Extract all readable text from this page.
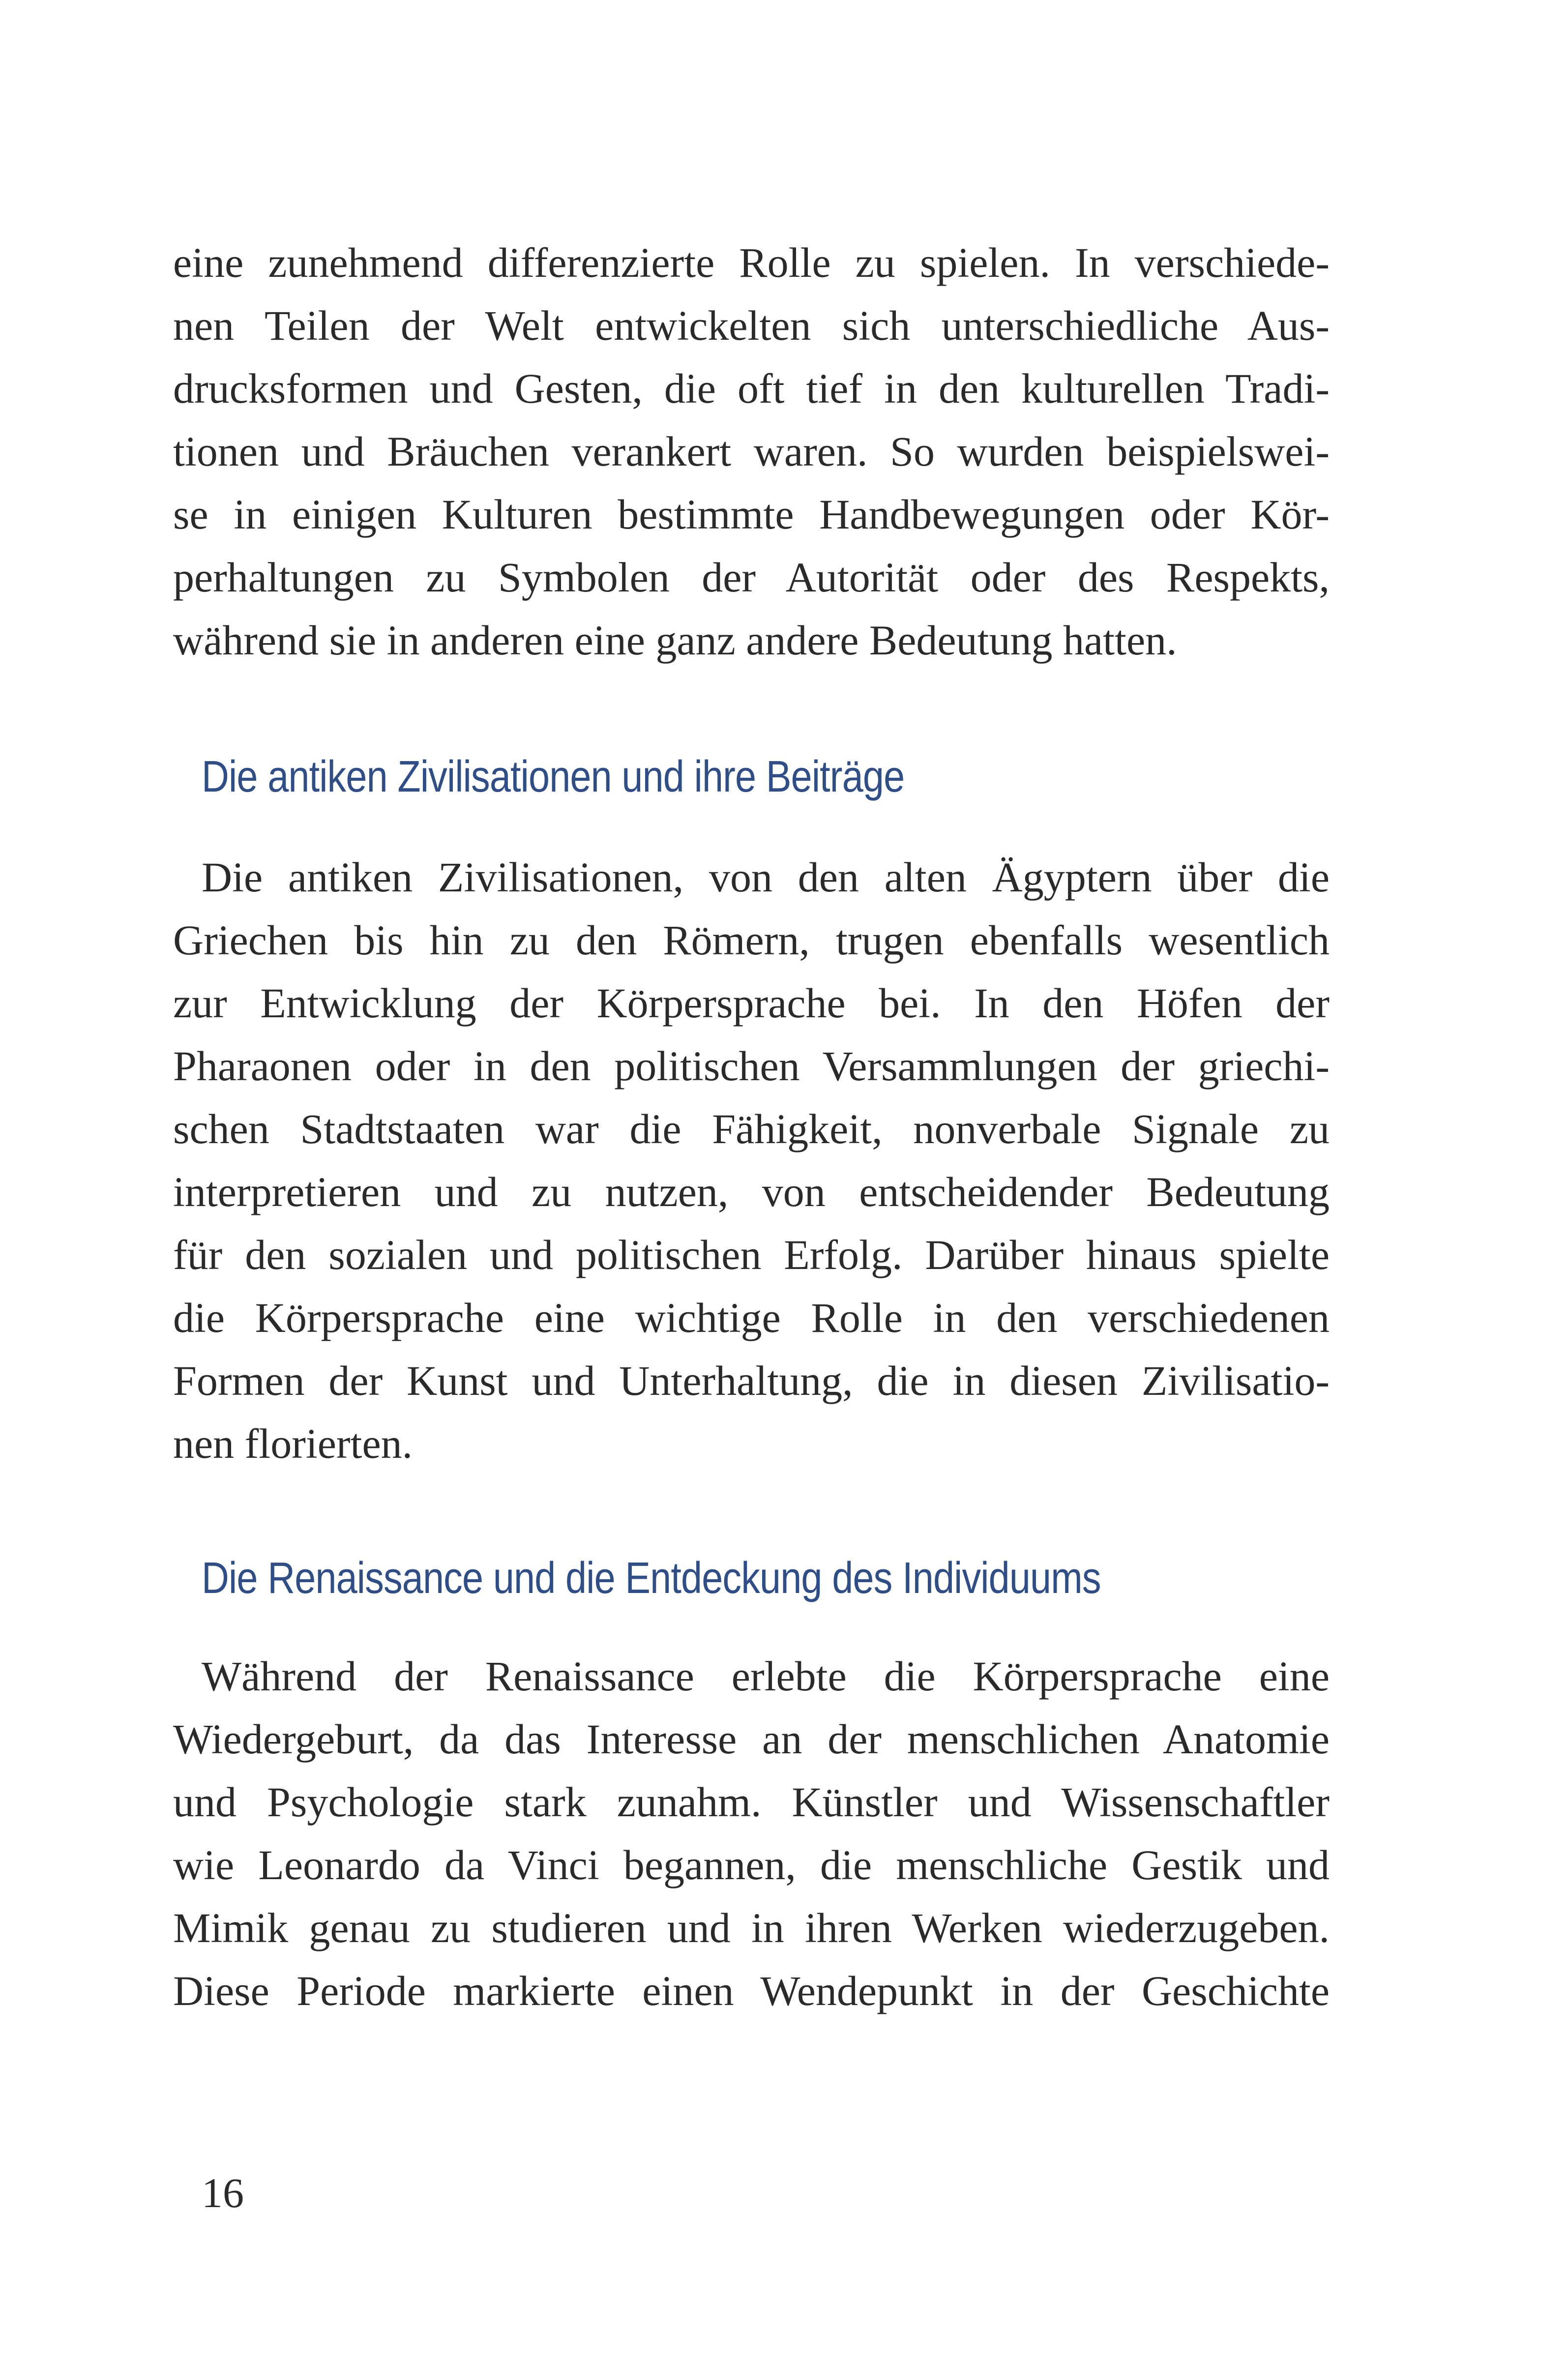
eine zunehmend differenzierte Rolle zu spielen. In verschiede-
nen Teilen der Welt entwickelten sich unterschiedliche Aus-
drucksformen und Gesten, die oft tief in den kulturellen Tradi-
tionen und Bräuchen verankert waren. So wurden beispielswei-
se in einigen Kulturen bestimmte Handbewegungen oder Kör-
perhaltungen zu Symbolen der Autorität oder des Respekts,
während sie in anderen eine ganz andere Bedeutung hatten.
Die antiken Zivilisationen und ihre Beiträge
Die antiken Zivilisationen, von den alten Ägyptern über die
Griechen bis hin zu den Römern, trugen ebenfalls wesentlich
zur Entwicklung der Körpersprache bei. In den Höfen der
Pharaonen oder in den politischen Versammlungen der griechi-
schen Stadtstaaten war die Fähigkeit, nonverbale Signale zu
interpretieren und zu nutzen, von entscheidender Bedeutung
für den sozialen und politischen Erfolg. Darüber hinaus spielte
die Körpersprache eine wichtige Rolle in den verschiedenen
Formen der Kunst und Unterhaltung, die in diesen Zivilisatio-
nen florierten.
Die Renaissance und die Entdeckung des Individuums
Während der Renaissance erlebte die Körpersprache eine
Wiedergeburt, da das Interesse an der menschlichen Anatomie
und Psychologie stark zunahm. Künstler und Wissenschaftler
wie Leonardo da Vinci begannen, die menschliche Gestik und
Mimik genau zu studieren und in ihren Werken wiederzugeben.
Diese Periode markierte einen Wendepunkt in der Geschichte
16
